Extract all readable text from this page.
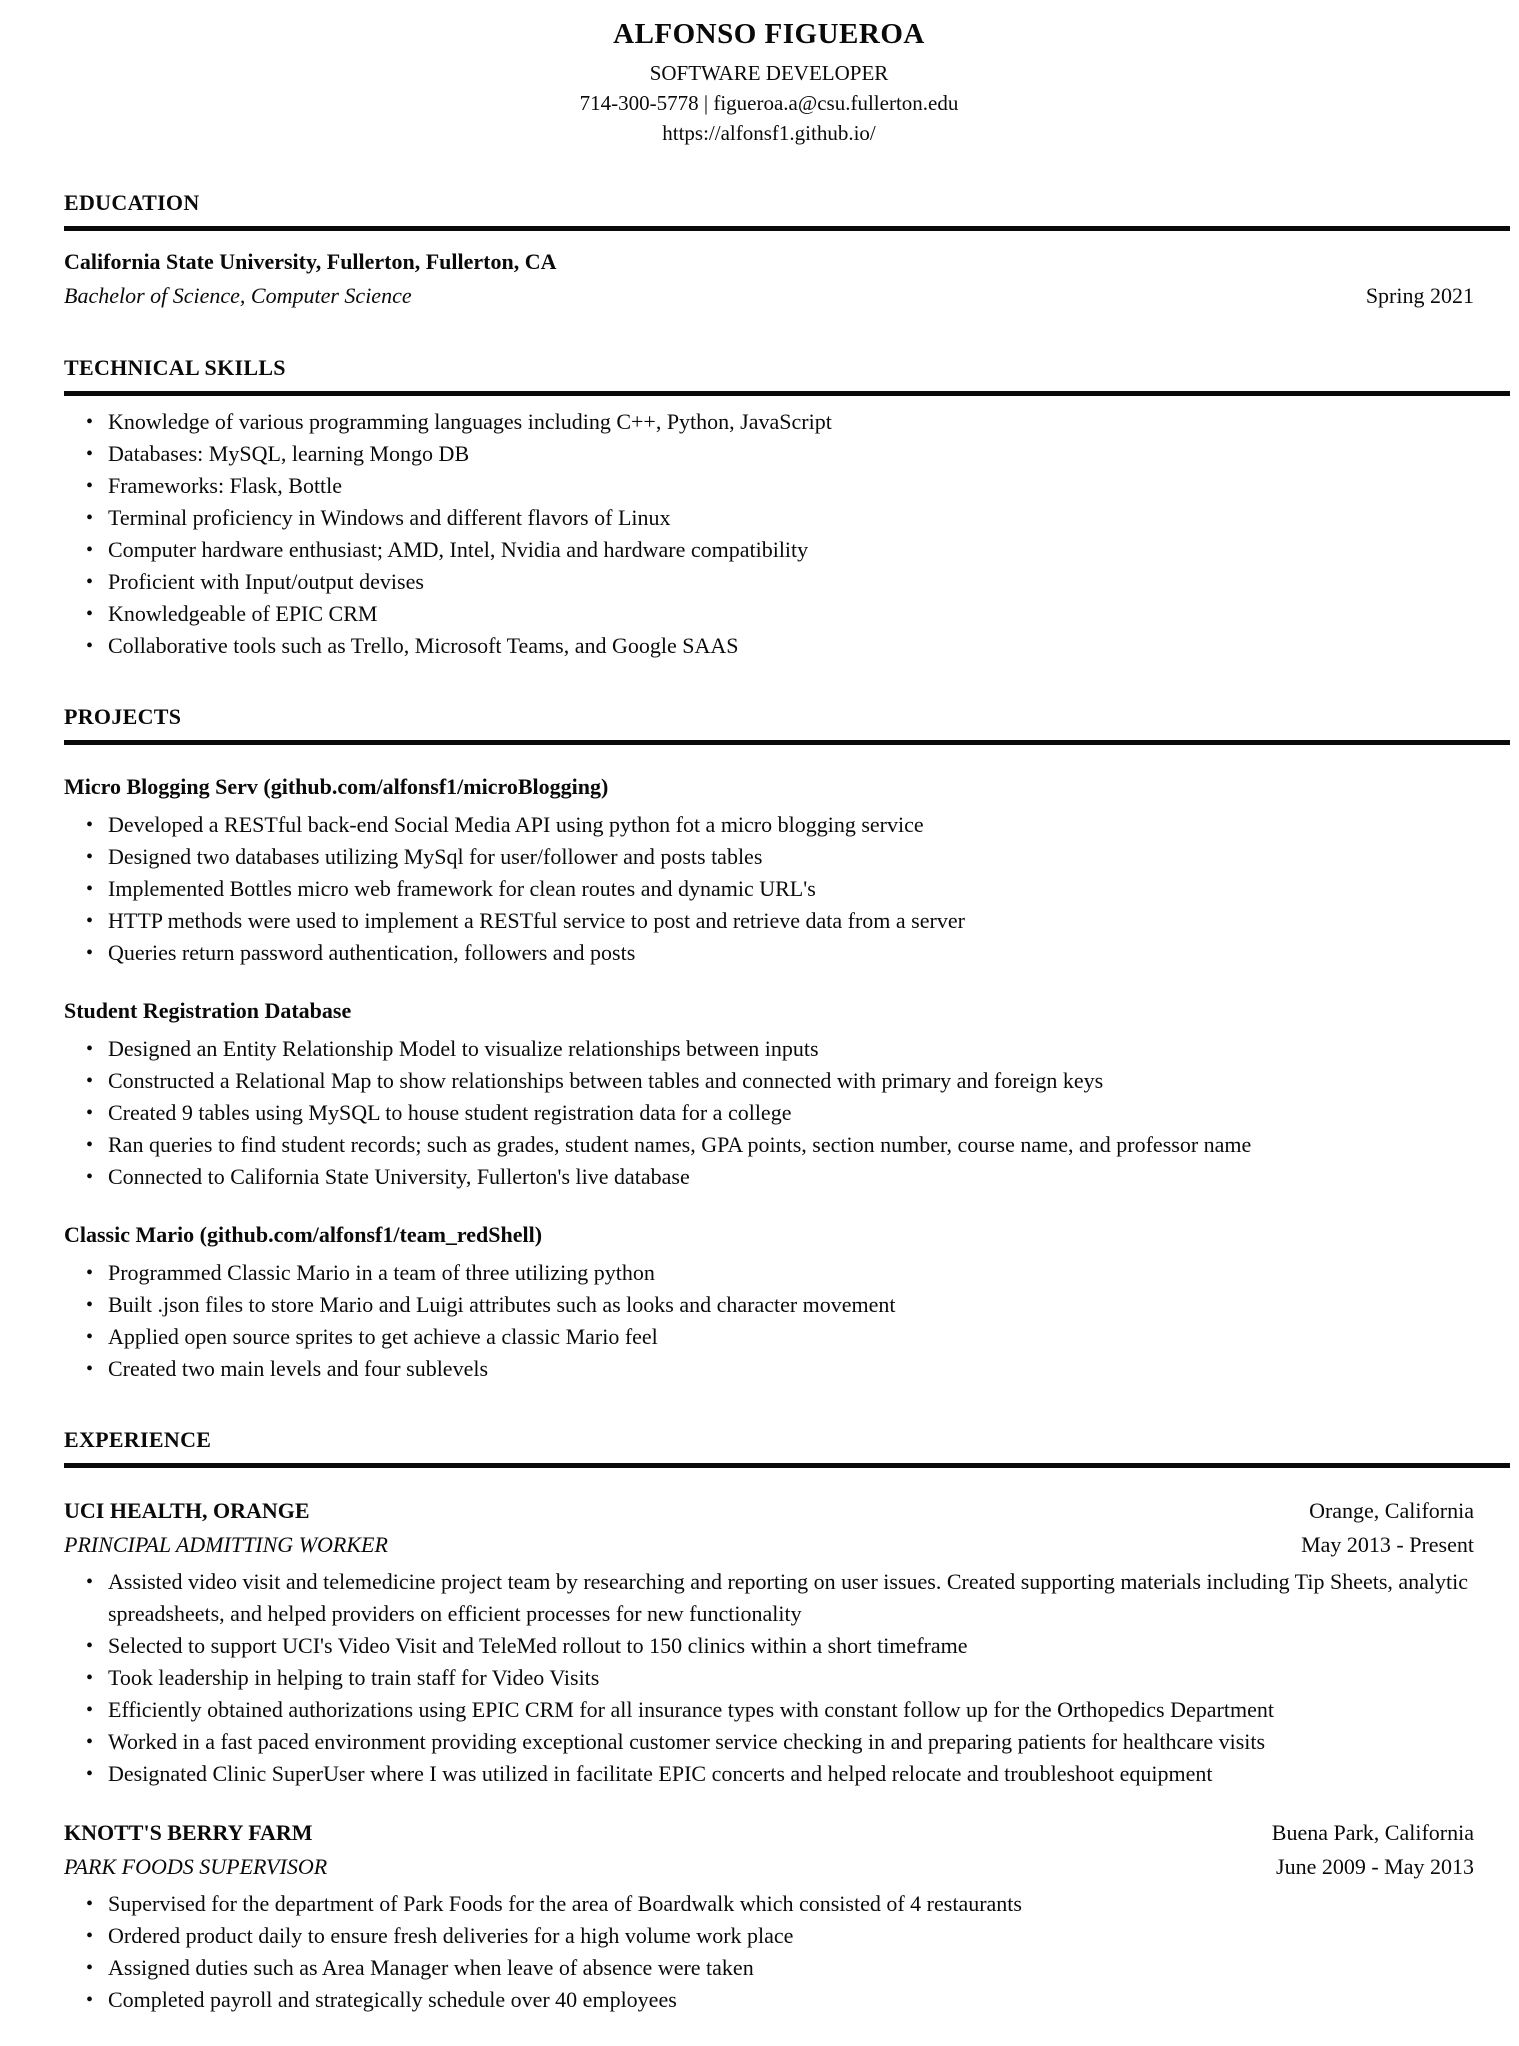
ALFONSO FIGUEROA

SOFTWARE DEVELOPER

714-300-5778 | figueroa.a@csu.fullerton.edu

https://alfonsf1.github.io/

EDUCATION
California State University, Fullerton, Fullerton, CA
Bachelor of Science, Computer Science	Spring 2021
TECHNICAL SKILLS
• Knowledge of various programming languages including C++, Python, JavaScript
• Databases: MySQL, learning Mongo DB
• Frameworks: Flask, Bottle
• Terminal proficiency in Windows and different flavors of Linux
• Computer hardware enthusiast; AMD, Intel, Nvidia and hardware compatibility
• Proficient with Input/output devises
• Knowledgeable of EPIC CRM
• Collaborative tools such as Trello, Microsoft Teams, and Google SAAS
PROJECTS
Micro Blogging Serv (github.com/alfonsf1/microBlogging)
• Developed a RESTful back-end Social Media API using python fot a micro blogging service
• Designed two databases utilizing MySql for user/follower and posts tables
• Implemented Bottles micro web framework for clean routes and dynamic URL's
• HTTP methods were used to implement a RESTful service to post and retrieve data from a server
• Queries return password authentication, followers and posts
Student Registration Database
• Designed an Entity Relationship Model to visualize relationships between inputs
• Constructed a Relational Map to show relationships between tables and connected with primary and foreign keys
• Created 9 tables using MySQL to house student registration data for a college
• Ran queries to find student records; such as grades, student names, GPA points, section number, course name, and professor name
• Connected to California State University, Fullerton's live database
Classic Mario (github.com/alfonsf1/team_redShell)
• Programmed Classic Mario in a team of three utilizing python
• Built .json files to store Mario and Luigi attributes such as looks and character movement
• Applied open source sprites to get achieve a classic Mario feel
• Created two main levels and four sublevels
EXPERIENCE
UCI HEALTH, ORANGE	Orange, California
PRINCIPAL ADMITTING WORKER	May 2013 - Present
• Assisted video visit and telemedicine project team by researching and reporting on user issues. Created supporting materials including Tip Sheets, analytic spreadsheets, and helped providers on efficient processes for new functionality
• Selected to support UCI's Video Visit and TeleMed rollout to 150 clinics within a short timeframe
• Took leadership in helping to train staff for Video Visits
• Efficiently obtained authorizations using EPIC CRM for all insurance types with constant follow up for the Orthopedics Department
• Worked in a fast paced environment providing exceptional customer service checking in and preparing patients for healthcare visits
• Designated Clinic SuperUser where I was utilized in facilitate EPIC concerts and helped relocate and troubleshoot equipment
KNOTT'S BERRY FARM	Buena Park, California
PARK FOODS SUPERVISOR	June 2009 - May 2013
• Supervised for the department of Park Foods for the area of Boardwalk which consisted of 4 restaurants
• Ordered product daily to ensure fresh deliveries for a high volume work place
• Assigned duties such as Area Manager when leave of absence were taken
• Completed payroll and strategically schedule over 40 employees
